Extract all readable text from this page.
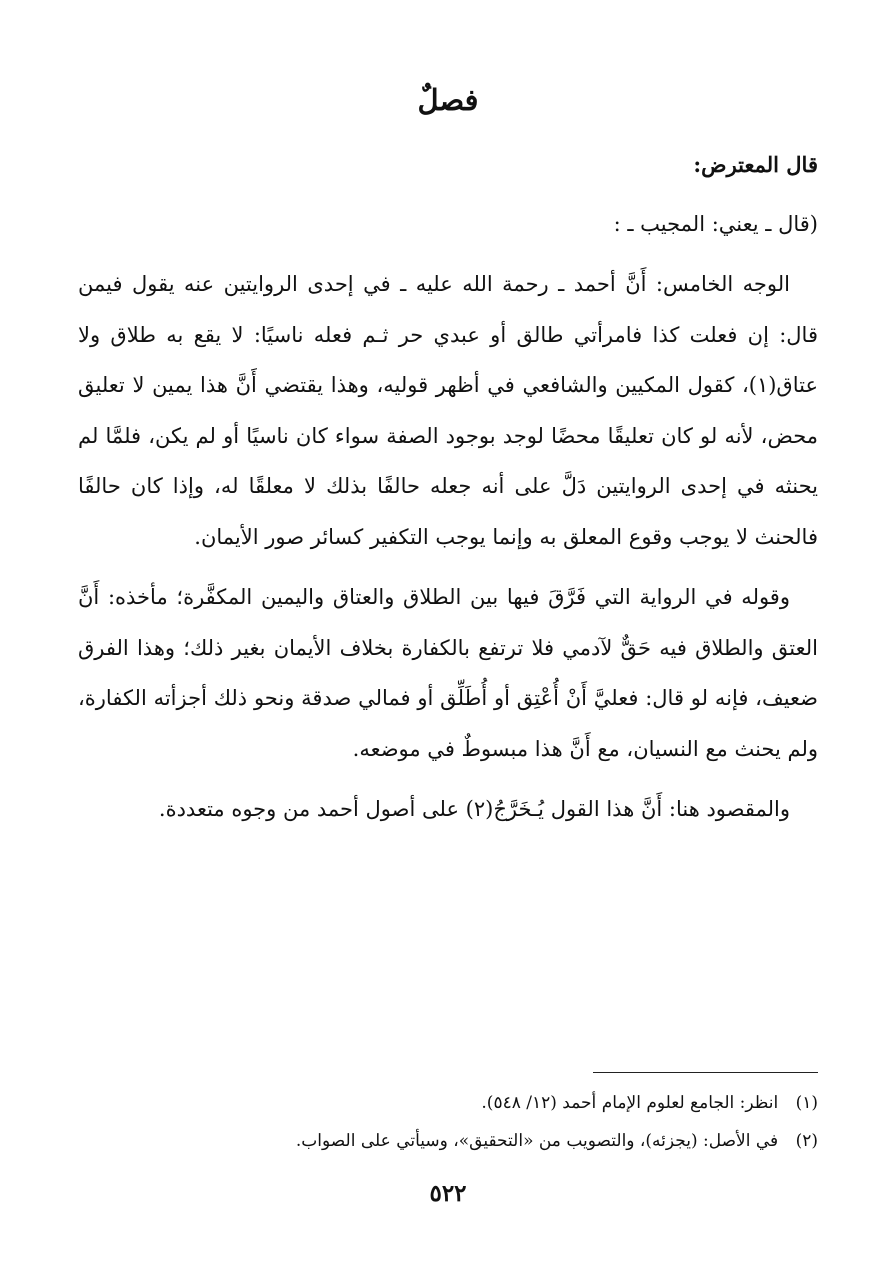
فصلٌ

قال المعترض:

(قال ـ يعني: المجيب ـ :

الوجه الخامس: أَنَّ أحمد ـ رحمة الله عليه ـ في إحدى الروايتين عنه يقول فيمن قال: إن فعلت كذا فامرأتي طالق أو عبدي حر ثـم فعله ناسيًا: لا يقع به طلاق ولا عتاق(١)، كقول المكيين والشافعي في أظهر قوليه، وهذا يقتضي أَنَّ هذا يمين لا تعليق محض، لأنه لو كان تعليقًا محضًا لوجد بوجود الصفة سواء كان ناسيًا أو لم يكن، فلمَّا لم يحنثه في إحدى الروايتين دَلَّ على أنه جعله حالفًا بذلك لا معلقًا له، وإذا كان حالفًا فالحنث لا يوجب وقوع المعلق به وإنما يوجب التكفير كسائر صور الأيمان.

وقوله في الرواية التي فَرَّقَ فيها بين الطلاق والعتاق واليمين المكفَّرة؛ مأخذه: أَنَّ العتق والطلاق فيه حَقٌّ لآدمي فلا ترتفع بالكفارة بخلاف الأيمان بغير ذلك؛ وهذا الفرق ضعيف، فإنه لو قال: فعليَّ أَنْ أُعْتِق أو أُطَلِّق أو فمالي صدقة ونحو ذلك أجزأته الكفارة، ولم يحنث مع النسيان، مع أَنَّ هذا مبسوطٌ في موضعه.

والمقصود هنا: أَنَّ هذا القول يُـخَرَّجُ(٢) على أصول أحمد من وجوه متعددة.

(١) انظر: الجامع لعلوم الإمام أحمد (١٢/ ٥٤٨).
(٢) في الأصل: (يجزئه)، والتصويب من «التحقيق»، وسيأتي على الصواب.
٥٢٢
